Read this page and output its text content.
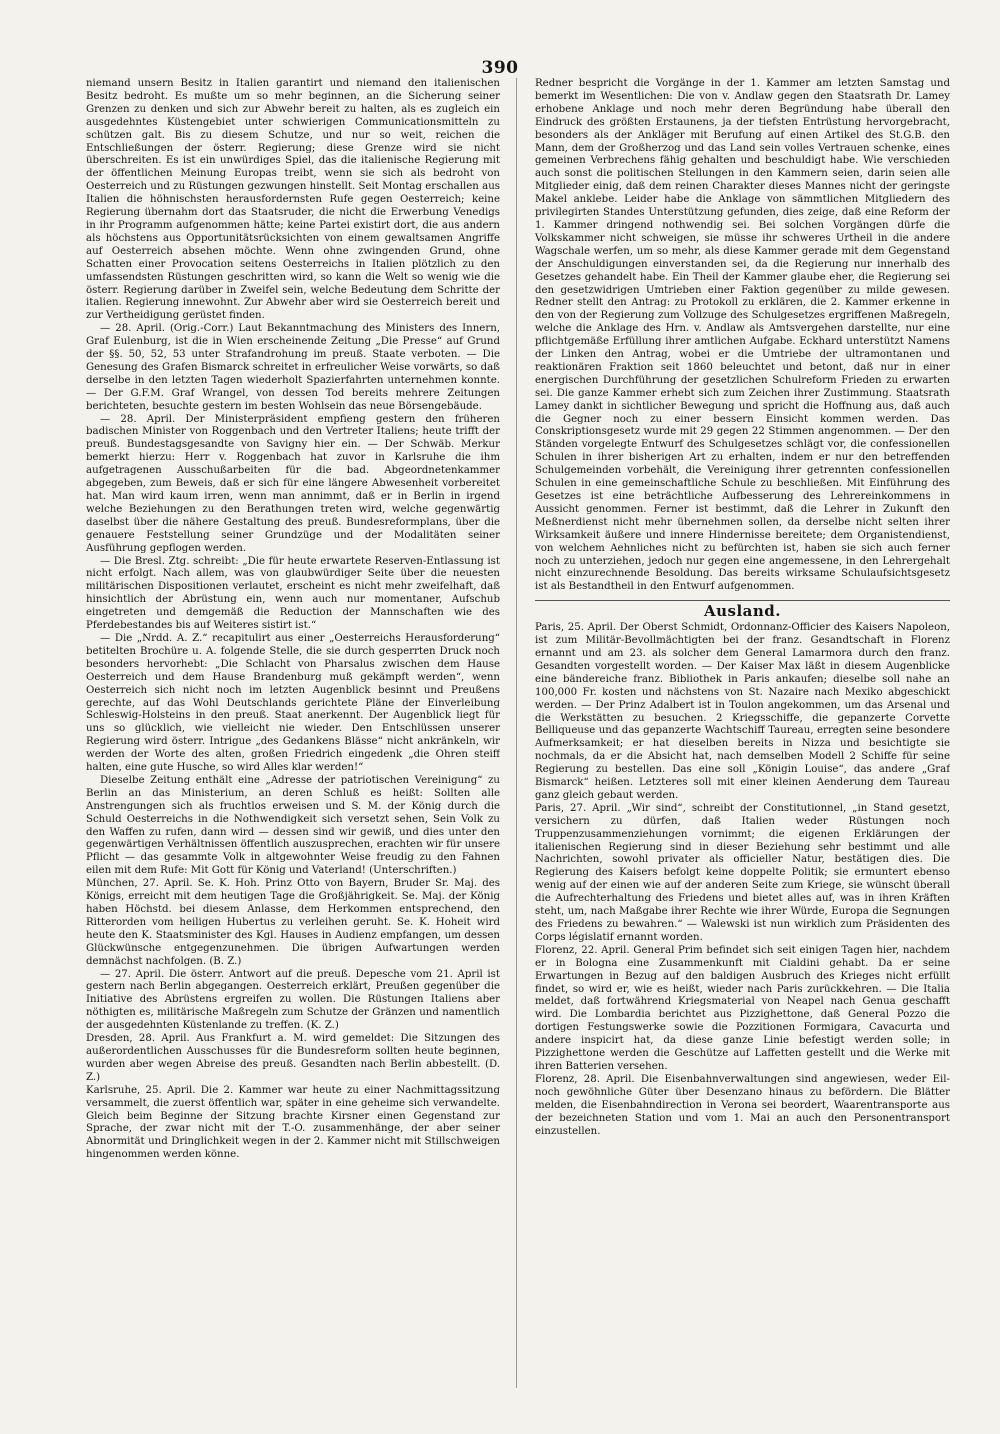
390

niemand unsern Besitz in Italien garantirt und niemand den italienischen Besitz bedroht. Es mußte um so mehr beginnen, an die Sicherung seiner Grenzen zu denken und sich zur Abwehr bereit zu halten, als es zugleich ein ausgedehntes Küstengebiet unter schwierigen Communicationsmitteln zu schützen galt. Bis zu diesem Schutze, und nur so weit, reichen die Entschließungen der österr. Regierung; diese Grenze wird sie nicht überschreiten. Es ist ein unwürdiges Spiel, das die italienische Regierung mit der öffentlichen Meinung Europas treibt, wenn sie sich als bedroht von Oesterreich und zu Rüstungen gezwungen hinstellt. Seit Montag erschallen aus Italien die höhnischsten herausfordernsten Rufe gegen Oesterreich; keine Regierung übernahm dort das Staatsruder, die nicht die Erwerbung Venedigs in ihr Programm aufgenommen hätte; keine Partei existirt dort, die aus andern als höchstens aus Opportunitätsrücksichten von einem gewaltsamen Angriffe auf Oesterreich absehen möchte. Wenn ohne zwingenden Grund, ohne Schatten einer Provocation seitens Oesterreichs in Italien plötzlich zu den umfassendsten Rüstungen geschritten wird, so kann die Welt so wenig wie die österr. Regierung darüber in Zweifel sein, welche Bedeutung dem Schritte der italien. Regierung innewohnt. Zur Abwehr aber wird sie Oesterreich bereit und zur Vertheidigung gerüstet finden.

— 28. April. (Orig.-Corr.) Laut Bekanntmachung des Ministers des Innern, Graf Eulenburg, ist die in Wien erscheinende Zeitung „Die Presse“ auf Grund der §§. 50, 52, 53 unter Strafandrohung im preuß. Staate verboten. — Die Genesung des Grafen Bismarck schreitet in erfreulicher Weise vorwärts, so daß derselbe in den letzten Tagen wiederholt Spazierfahrten unternehmen konnte. — Der G.F.M. Graf Wrangel, von dessen Tod bereits mehrere Zeitungen berichteten, besuchte gestern im besten Wohlsein das neue Börsengebäude.

— 28. April. Der Ministerpräsident empfieng gestern den früheren badischen Minister von Roggenbach und den Vertreter Italiens; heute trifft der preuß. Bundestagsgesandte von Savigny hier ein. — Der Schwäb. Merkur bemerkt hierzu: Herr v. Roggenbach hat zuvor in Karlsruhe die ihm aufgetragenen Ausschußarbeiten für die bad. Abgeordnetenkammer abgegeben, zum Beweis, daß er sich für eine längere Abwesenheit vorbereitet hat. Man wird kaum irren, wenn man annimmt, daß er in Berlin in irgend welche Beziehungen zu den Berathungen treten wird, welche gegenwärtig daselbst über die nähere Gestaltung des preuß. Bundesreformplans, über die genauere Feststellung seiner Grundzüge und der Modalitäten seiner Ausführung gepflogen werden.

— Die Bresl. Ztg. schreibt: „Die für heute erwartete Reserven-Entlassung ist nicht erfolgt. Nach allem, was von glaubwürdiger Seite über die neuesten militärischen Dispositionen verlautet, erscheint es nicht mehr zweifelhaft, daß hinsichtlich der Abrüstung ein, wenn auch nur momentaner, Aufschub eingetreten und demgemäß die Reduction der Mannschaften wie des Pferdebestandes bis auf Weiteres sistirt ist.“

— Die „Nrdd. A. Z.“ recapitulirt aus einer „Oesterreichs Herausforderung“ betitelten Brochüre u. A. folgende Stelle, die sie durch gesperrten Druck noch besonders hervorhebt: „Die Schlacht von Pharsalus zwischen dem Hause Oesterreich und dem Hause Brandenburg muß gekämpft werden“, wenn Oesterreich sich nicht noch im letzten Augenblick besinnt und Preußens gerechte, auf das Wohl Deutschlands gerichtete Pläne der Einverleibung Schleswig-Holsteins in den preuß. Staat anerkennt. Der Augenblick liegt für uns so glücklich, wie vielleicht nie wieder. Den Entschlüssen unserer Regierung wird österr. Intrigue „des Gedankens Blässe“ nicht ankränkeln, wir werden der Worte des alten, großen Friedrich eingedenk „die Ohren steiff halten, eine gute Husche, so wird Alles klar werden!“

Dieselbe Zeitung enthält eine „Adresse der patriotischen Vereinigung“ zu Berlin an das Ministerium, an deren Schluß es heißt: Sollten alle Anstrengungen sich als fruchtlos erweisen und S. M. der König durch die Schuld Oesterreichs in die Nothwendigkeit sich versetzt sehen, Sein Volk zu den Waffen zu rufen, dann wird — dessen sind wir gewiß, und dies unter den gegenwärtigen Verhältnissen öffentlich auszusprechen, erachten wir für unsere Pflicht — das gesammte Volk in altgewohnter Weise freudig zu den Fahnen eilen mit dem Rufe: Mit Gott für König und Vaterland! (Unterschriften.)

München, 27. April. Se. K. Hoh. Prinz Otto von Bayern, Bruder Sr. Maj. des Königs, erreicht mit dem heutigen Tage die Großjährigkeit. Se. Maj. der König haben Höchstd. bei diesem Anlasse, dem Herkommen entsprechend, den Ritterorden vom heiligen Hubertus zu verleihen geruht. Se. K. Hoheit wird heute den K. Staatsminister des Kgl. Hauses in Audienz empfangen, um dessen Glückwünsche entgegenzunehmen. Die übrigen Aufwartungen werden demnächst nachfolgen. (B. Z.)

— 27. April. Die österr. Antwort auf die preuß. Depesche vom 21. April ist gestern nach Berlin abgegangen. Oesterreich erklärt, Preußen gegenüber die Initiative des Abrüstens ergreifen zu wollen. Die Rüstungen Italiens aber nöthigten es, militärische Maßregeln zum Schutze der Gränzen und namentlich der ausgedehnten Küstenlande zu treffen. (K. Z.)

Dresden, 28. April. Aus Frankfurt a. M. wird gemeldet: Die Sitzungen des außerordentlichen Ausschusses für die Bundesreform sollten heute beginnen, wurden aber wegen Abreise des preuß. Gesandten nach Berlin abbestellt. (D. Z.)

Karlsruhe, 25. April. Die 2. Kammer war heute zu einer Nachmittagssitzung versammelt, die zuerst öffentlich war, später in eine geheime sich verwandelte. Gleich beim Beginne der Sitzung brachte Kirsner einen Gegenstand zur Sprache, der zwar nicht mit der T.-O. zusammenhänge, der aber seiner Abnormität und Dringlichkeit wegen in der 2. Kammer nicht mit Stillschweigen hingenommen werden könne.

Redner bespricht die Vorgänge in der 1. Kammer am letzten Samstag und bemerkt im Wesentlichen: Die von v. Andlaw gegen den Staatsrath Dr. Lamey erhobene Anklage und noch mehr deren Begründung habe überall den Eindruck des größten Erstaunens, ja der tiefsten Entrüstung hervorgebracht, besonders als der Ankläger mit Berufung auf einen Artikel des St.G.B. den Mann, dem der Großherzog und das Land sein volles Vertrauen schenke, eines gemeinen Verbrechens fähig gehalten und beschuldigt habe. Wie verschieden auch sonst die politischen Stellungen in den Kammern seien, darin seien alle Mitglieder einig, daß dem reinen Charakter dieses Mannes nicht der geringste Makel anklebe. Leider habe die Anklage von sämmtlichen Mitgliedern des privilegirten Standes Unterstützung gefunden, dies zeige, daß eine Reform der 1. Kammer dringend nothwendig sei. Bei solchen Vorgängen dürfe die Volkskammer nicht schweigen, sie müsse ihr schweres Urtheil in die andere Wagschale werfen, um so mehr, als diese Kammer gerade mit dem Gegenstand der Anschuldigungen einverstanden sei, da die Regierung nur innerhalb des Gesetzes gehandelt habe. Ein Theil der Kammer glaube eher, die Regierung sei den gesetzwidrigen Umtrieben einer Faktion gegenüber zu milde gewesen. Redner stellt den Antrag: zu Protokoll zu erklären, die 2. Kammer erkenne in den von der Regierung zum Vollzuge des Schulgesetzes ergriffenen Maßregeln, welche die Anklage des Hrn. v. Andlaw als Amtsvergehen darstellte, nur eine pflichtgemäße Erfüllung ihrer amtlichen Aufgabe. Eckhard unterstützt Namens der Linken den Antrag, wobei er die Umtriebe der ultramontanen und reaktionären Fraktion seit 1860 beleuchtet und betont, daß nur in einer energischen Durchführung der gesetzlichen Schulreform Frieden zu erwarten sei. Die ganze Kammer erhebt sich zum Zeichen ihrer Zustimmung. Staatsrath Lamey dankt in sichtlicher Bewegung und spricht die Hoffnung aus, daß auch die Gegner noch zu einer bessern Einsicht kommen werden. Das Conskriptionsgesetz wurde mit 29 gegen 22 Stimmen angenommen. — Der den Ständen vorgelegte Entwurf des Schulgesetzes schlägt vor, die confessionellen Schulen in ihrer bisherigen Art zu erhalten, indem er nur den betreffenden Schulgemeinden vorbehält, die Vereinigung ihrer getrennten confessionellen Schulen in eine gemeinschaftliche Schule zu beschließen. Mit Einführung des Gesetzes ist eine beträchtliche Aufbesserung des Lehrereinkommens in Aussicht genommen. Ferner ist bestimmt, daß die Lehrer in Zukunft den Meßnerdienst nicht mehr übernehmen sollen, da derselbe nicht selten ihrer Wirksamkeit äußere und innere Hindernisse bereitete; dem Organistendienst, von welchem Aehnliches nicht zu befürchten ist, haben sie sich auch ferner noch zu unterziehen, jedoch nur gegen eine angemessene, in den Lehrergehalt nicht einzurechnende Besoldung. Das bereits wirksame Schulaufsichtsgesetz ist als Bestandtheil in den Entwurf aufgenommen.

Ausland.

Paris, 25. April. Der Oberst Schmidt, Ordonnanz-Officier des Kaisers Napoleon, ist zum Militär-Bevollmächtigten bei der franz. Gesandtschaft in Florenz ernannt und am 23. als solcher dem General Lamarmora durch den franz. Gesandten vorgestellt worden. — Der Kaiser Max läßt in diesem Augenblicke eine bändereiche franz. Bibliothek in Paris ankaufen; dieselbe soll nahe an 100,000 Fr. kosten und nächstens von St. Nazaire nach Mexiko abgeschickt werden. — Der Prinz Adalbert ist in Toulon angekommen, um das Arsenal und die Werkstätten zu besuchen. 2 Kriegsschiffe, die gepanzerte Corvette Belliqueuse und das gepanzerte Wachtschiff Taureau, erregten seine besondere Aufmerksamkeit; er hat dieselben bereits in Nizza und besichtigte sie nochmals, da er die Absicht hat, nach demselben Modell 2 Schiffe für seine Regierung zu bestellen. Das eine soll „Königin Louise“, das andere „Graf Bismarck“ heißen. Letzteres soll mit einer kleinen Aenderung dem Taureau ganz gleich gebaut werden.

Paris, 27. April. „Wir sind“, schreibt der Constitutionnel, „in Stand gesetzt, versichern zu dürfen, daß Italien weder Rüstungen noch Truppenzusammenziehungen vornimmt; die eigenen Erklärungen der italienischen Regierung sind in dieser Beziehung sehr bestimmt und alle Nachrichten, sowohl privater als officieller Natur, bestätigen dies. Die Regierung des Kaisers befolgt keine doppelte Politik; sie ermuntert ebenso wenig auf der einen wie auf der anderen Seite zum Kriege, sie wünscht überall die Aufrechterhaltung des Friedens und bietet alles auf, was in ihren Kräften steht, um, nach Maßgabe ihrer Rechte wie ihrer Würde, Europa die Segnungen des Friedens zu bewahren.“ — Walewski ist nun wirklich zum Präsidenten des Corps législatif ernannt worden.

Florenz, 22. April. General Prim befindet sich seit einigen Tagen hier, nachdem er in Bologna eine Zusammenkunft mit Cialdini gehabt. Da er seine Erwartungen in Bezug auf den baldigen Ausbruch des Krieges nicht erfüllt findet, so wird er, wie es heißt, wieder nach Paris zurückkehren. — Die Italia meldet, daß fortwährend Kriegsmaterial von Neapel nach Genua geschafft wird. Die Lombardia berichtet aus Pizzighettone, daß General Pozzo die dortigen Festungswerke sowie die Pozzitionen Formigara, Cavacurta und andere inspicirt hat, da diese ganze Linie befestigt werden solle; in Pizzighettone werden die Geschütze auf Laffetten gestellt und die Werke mit ihren Batterien versehen.

Florenz, 28. April. Die Eisenbahnverwaltungen sind angewiesen, weder Eil- noch gewöhnliche Güter über Desenzano hinaus zu befördern. Die Blätter melden, die Eisenbahndirection in Verona sei beordert, Waarentransporte aus der bezeichneten Station und vom 1. Mai an auch den Personentransport einzustellen.
